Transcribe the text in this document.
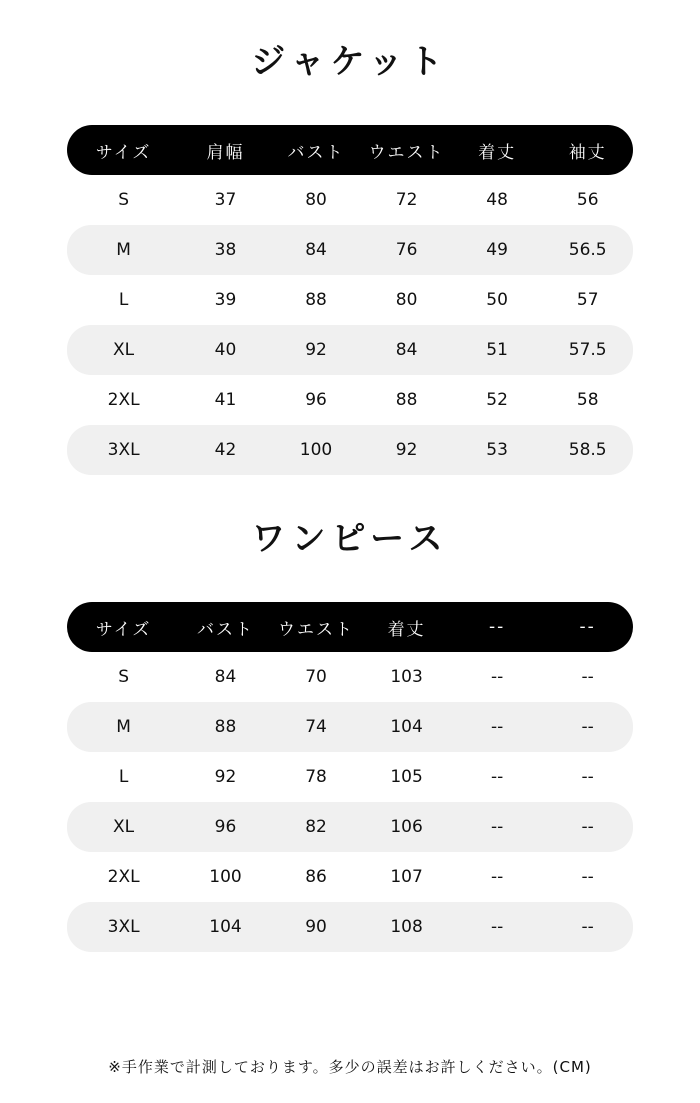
ジャケット
サイズ	肩幅	バスト	ウエスト	着丈	袖丈
S	37	80	72	48	56
M	38	84	76	49	56.5
L	39	88	80	50	57
XL	40	92	84	51	57.5
2XL	41	96	88	52	58
3XL	42	100	92	53	58.5
ワンピース
サイズ	バスト	ウエスト	着丈	--	--
S	84	70	103	--	--
M	88	74	104	--	--
L	92	78	105	--	--
XL	96	82	106	--	--
2XL	100	86	107	--	--
3XL	104	90	108	--	--
※手作業で計測しております。多少の誤差はお許しください。(CM)
